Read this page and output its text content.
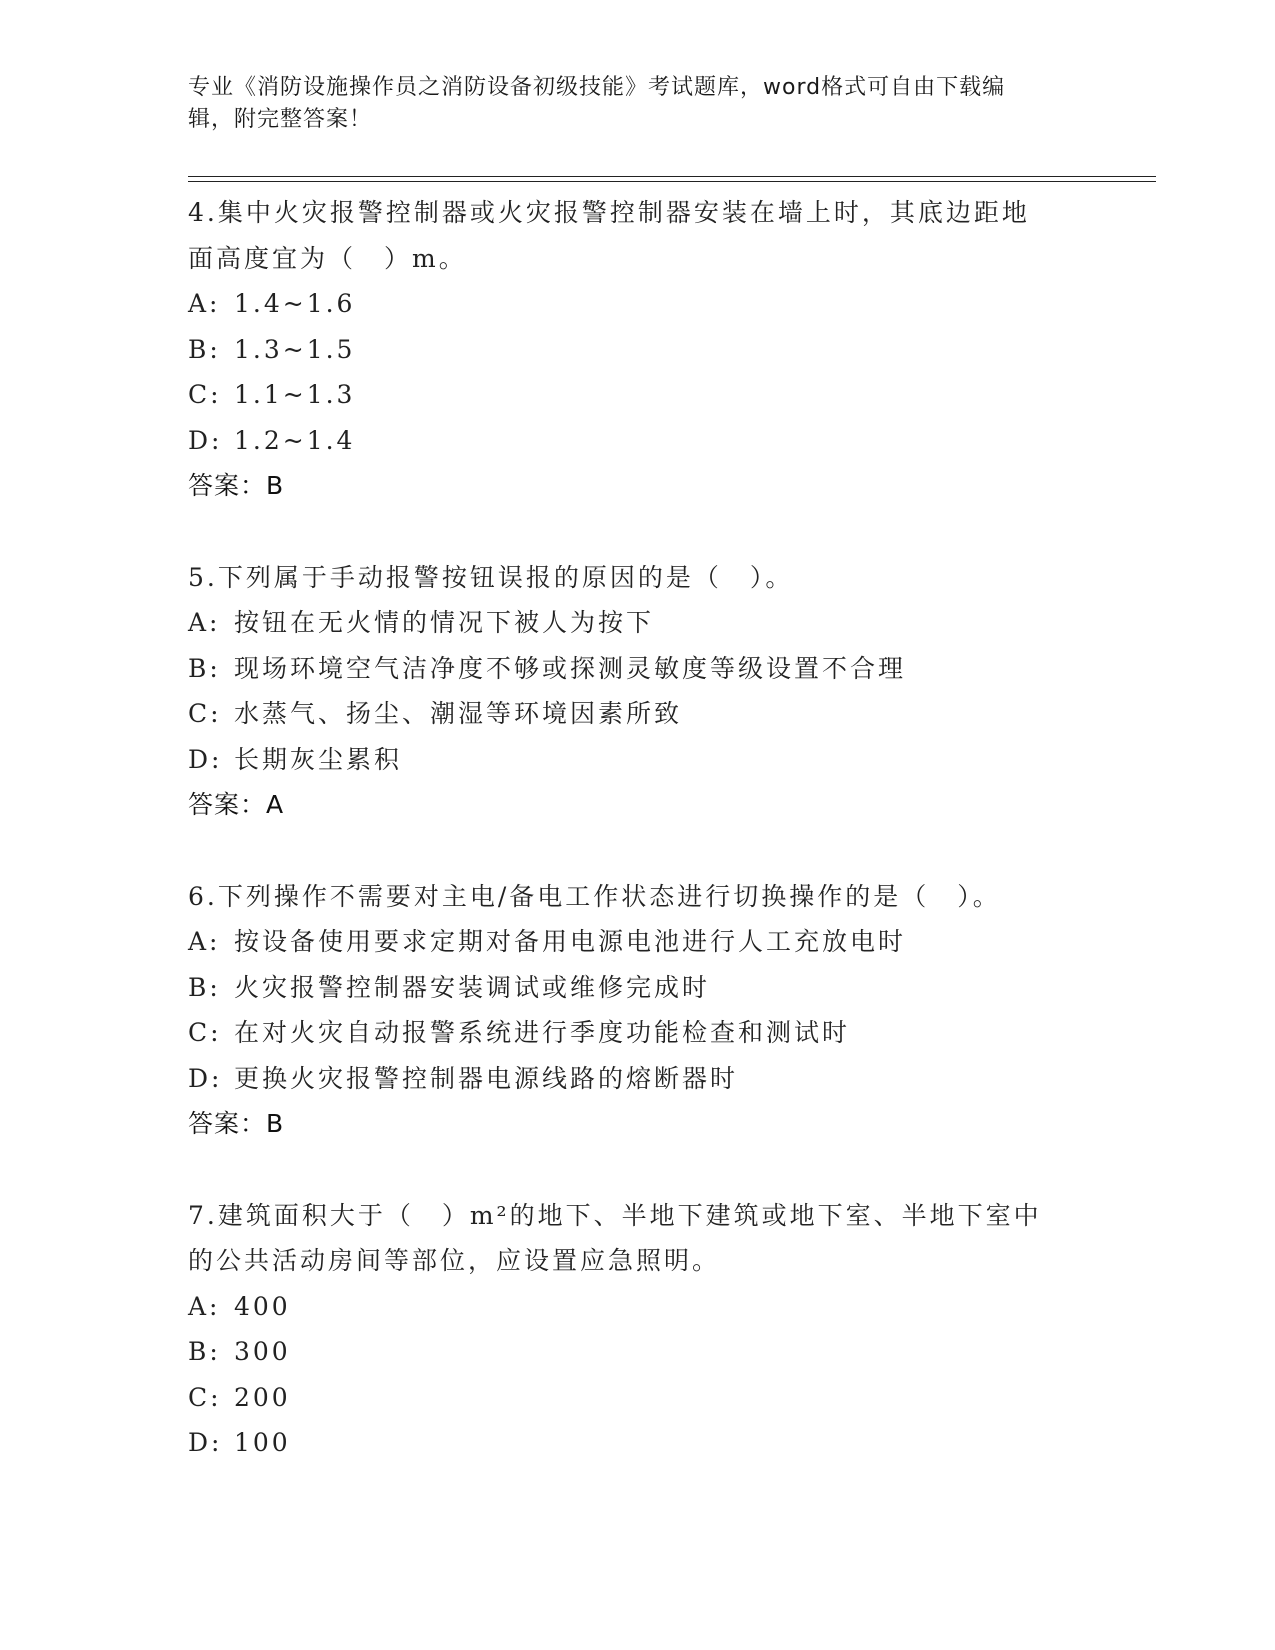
专业《消防设施操作员之消防设备初级技能》考试题库，word格式可自由下载编
辑，附完整答案！

4.集中火灾报警控制器或火灾报警控制器安装在墙上时，其底边距地

面高度宜为（　）m。

A: 1.4~1.6

B: 1.3~1.5

C: 1.1~1.3

D: 1.2~1.4

答案：B

5.下列属于手动报警按钮误报的原因的是（　）。

A: 按钮在无火情的情况下被人为按下

B: 现场环境空气洁净度不够或探测灵敏度等级设置不合理

C: 水蒸气、扬尘、潮湿等环境因素所致

D: 长期灰尘累积

答案：A

6.下列操作不需要对主电/备电工作状态进行切换操作的是（　）。

A: 按设备使用要求定期对备用电源电池进行人工充放电时

B: 火灾报警控制器安装调试或维修完成时

C: 在对火灾自动报警系统进行季度功能检查和测试时

D: 更换火灾报警控制器电源线路的熔断器时

答案：B

7.建筑面积大于（　）m²的地下、半地下建筑或地下室、半地下室中

的公共活动房间等部位，应设置应急照明。

A: 400

B: 300

C: 200

D: 100
